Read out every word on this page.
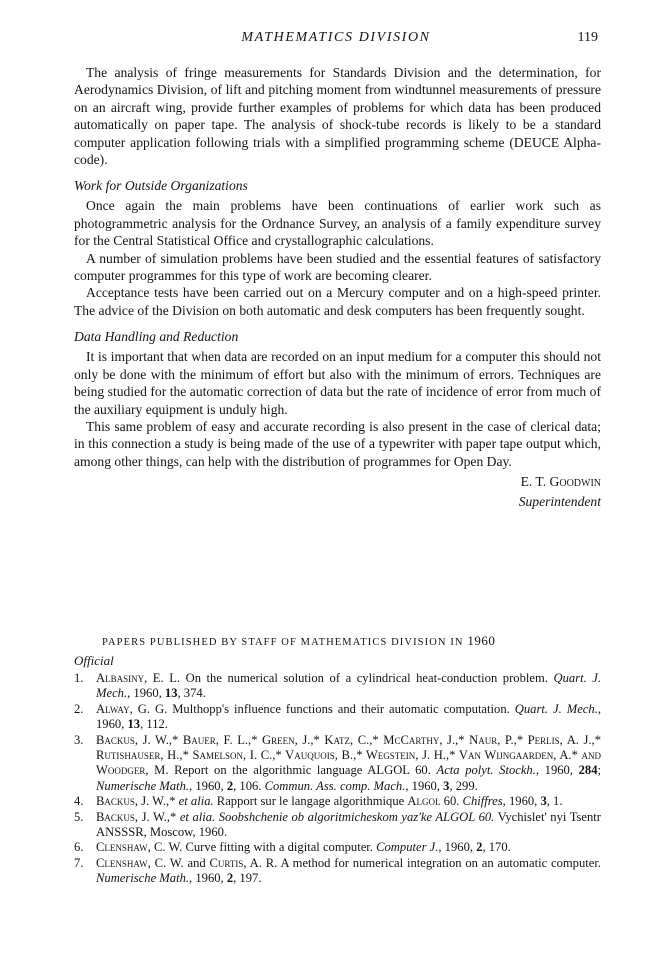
MATHEMATICS DIVISION	119

The analysis of fringe measurements for Standards Division and the determination, for Aerodynamics Division, of lift and pitching moment from windtunnel measurements of pressure on an aircraft wing, provide further examples of problems for which data has been produced automatically on paper tape. The analysis of shock-tube records is likely to be a standard computer application following trials with a simplified programming scheme (DEUCE Alphacode).

Work for Outside Organizations

Once again the main problems have been continuations of earlier work such as photogrammetric analysis for the Ordnance Survey, an analysis of a family expenditure survey for the Central Statistical Office and crystallographic calculations.

A number of simulation problems have been studied and the essential features of satisfactory computer programmes for this type of work are becoming clearer.

Acceptance tests have been carried out on a Mercury computer and on a high-speed printer. The advice of the Division on both automatic and desk computers has been frequently sought.

Data Handling and Reduction

It is important that when data are recorded on an input medium for a computer this should not only be done with the minimum of effort but also with the minimum of errors. Techniques are being studied for the automatic correction of data but the rate of incidence of error from much of the auxiliary equipment is unduly high.

This same problem of easy and accurate recording is also present in the case of clerical data; in this connection a study is being made of the use of a typewriter with paper tape output which, among other things, can help with the distribution of programmes for Open Day.

E. T. Goodwin
Superintendent
PAPERS PUBLISHED BY STAFF OF MATHEMATICS DIVISION IN 1960
Official
1. Albasiny, E. L. On the numerical solution of a cylindrical heat-conduction problem. Quart. J. Mech., 1960, 13, 374.
2. Alway, G. G. Multhopp's influence functions and their automatic computation. Quart. J. Mech., 1960, 13, 112.
3. Backus, J. W.,* Bauer, F. L.,* Green, J.,* Katz, C.,* McCarthy, J.,* Naur, P.,* Perlis, A. J.,* Rutishauser, H.,* Samelson, I. C.,* Vauquois, B.,* Wegstein, J. H.,* Van Wijngaarden, A.* and Woodger, M. Report on the algorithmic language ALGOL 60. Acta polyt. Stockh., 1960, 284; Numerische Math., 1960, 2, 106. Commun. Ass. comp. Mach., 1960, 3, 299.
4. Backus, J. W.,* et alia. Rapport sur le langage algorithmique Algol 60. Chiffres, 1960, 3, 1.
5. Backus, J. W.,* et alia. Soobshchenie ob algoritmicheskom yaz'ke ALGOL 60. Vychislet' nyi Tsentr ANSSSR, Moscow, 1960.
6. Clenshaw, C. W. Curve fitting with a digital computer. Computer J., 1960, 2, 170.
7. Clenshaw, C. W. and Curtis, A. R. A method for numerical integration on an automatic computer. Numerische Math., 1960, 2, 197.
